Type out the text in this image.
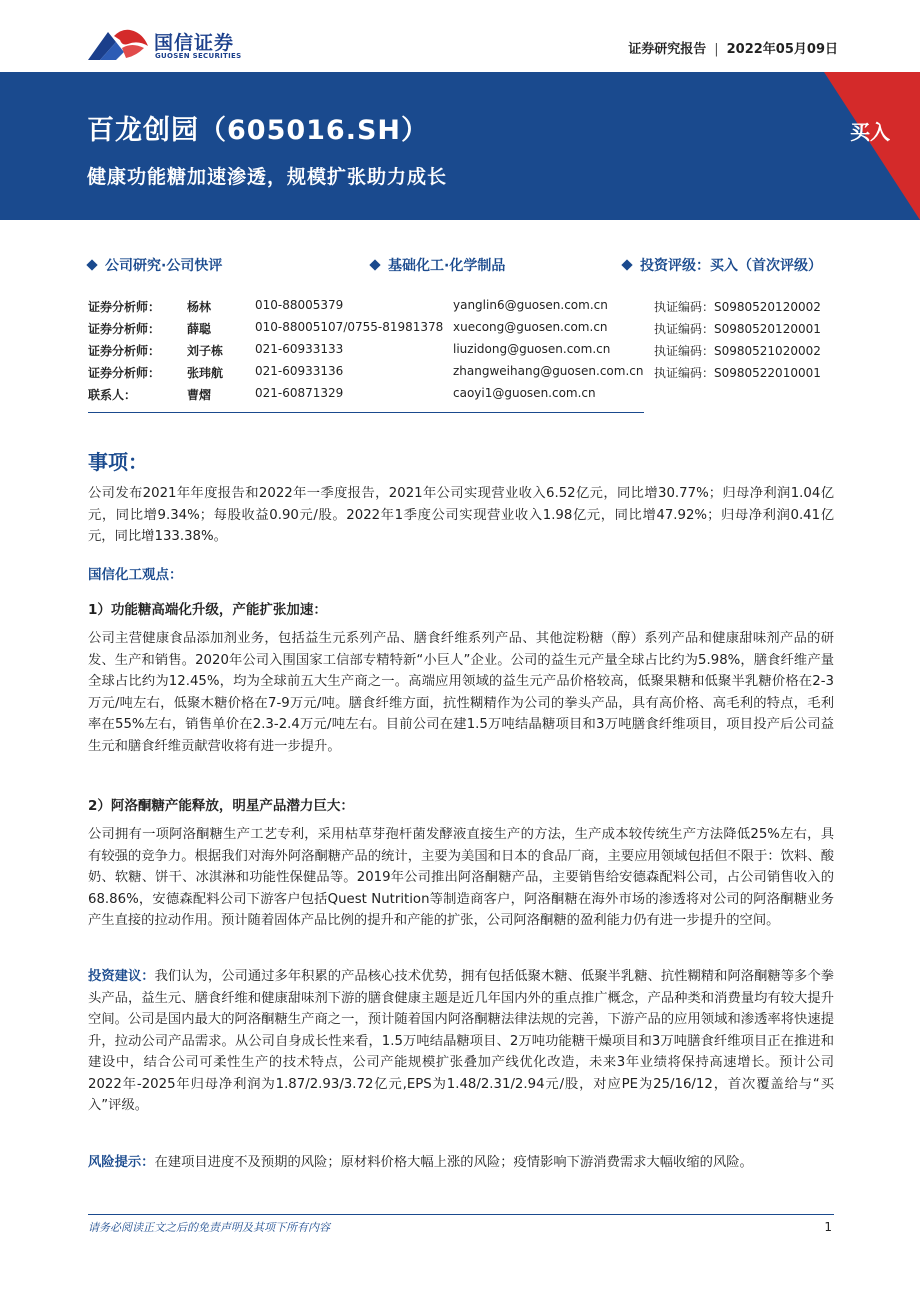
国信证券
GUOSEN SECURITIES	证券研究报告 | 2022年05月09日
百龙创园（605016.SH）
健康功能糖加速渗透，规模扩张助力成长
买入
公司研究·公司快评	基础化工·化学制品	投资评级：买入（首次评级）
证券分析师： 杨林	010-88005379	yanglin6@guosen.com.cn	执证编码：S0980520120002
证券分析师： 薛聪	010-88005107/0755-81981378 xuecong@guosen.com.cn	执证编码：S0980520120001
证券分析师： 刘子栋	021-60933133	liuzidong@guosen.com.cn	执证编码：S0980521020002
证券分析师： 张玮航	021-60933136	zhangweihang@guosen.com.cn 执证编码：S0980522010001
联系人：	曹熠	021-60871329	caoyi1@guosen.com.cn
事项：

公司发布2021年年度报告和2022年一季度报告，2021年公司实现营业收入6.52亿元，同比增30.77%；归母净利润1.04亿元，同比增9.34%；每股收益0.90元/股。2022年1季度公司实现营业收入1.98亿元，同比增47.92%；归母净利润0.41亿元，同比增133.38%。

国信化工观点：
1）功能糖高端化升级，产能扩张加速：

公司主营健康食品添加剂业务，包括益生元系列产品、膳食纤维系列产品、其他淀粉糖（醇）系列产品和健康甜味剂产品的研发、生产和销售。2020年公司入围国家工信部专精特新“小巨人”企业。公司的益生元产量全球占比约为5.98%，膳食纤维产量全球占比约为12.45%，均为全球前五大生产商之一。高端应用领域的益生元产品价格较高，低聚果糖和低聚半乳糖价格在2-3万元/吨左右，低聚木糖价格在7-9万元/吨。膳食纤维方面，抗性糊精作为公司的拳头产品，具有高价格、高毛利的特点，毛利率在55%左右，销售单价在2.3-2.4万元/吨左右。目前公司在建1.5万吨结晶糖项目和3万吨膳食纤维项目，项目投产后公司益生元和膳食纤维贡献营收将有进一步提升。

2）阿洛酮糖产能释放，明星产品潜力巨大：

公司拥有一项阿洛酮糖生产工艺专利，采用枯草芽孢杆菌发酵液直接生产的方法，生产成本较传统生产方法降低25%左右，具有较强的竞争力。根据我们对海外阿洛酮糖产品的统计，主要为美国和日本的食品厂商，主要应用领域包括但不限于：饮料、酸奶、软糖、饼干、冰淇淋和功能性保健品等。2019年公司推出阿洛酮糖产品，主要销售给安德森配料公司，占公司销售收入的68.86%，安德森配料公司下游客户包括Quest Nutrition等制造商客户，阿洛酮糖在海外市场的渗透将对公司的阿洛酮糖业务产生直接的拉动作用。预计随着固体产品比例的提升和产能的扩张，公司阿洛酮糖的盈利能力仍有进一步提升的空间。

投资建议：我们认为，公司通过多年积累的产品核心技术优势，拥有包括低聚木糖、低聚半乳糖、抗性糊精和阿洛酮糖等多个拳头产品，益生元、膳食纤维和健康甜味剂下游的膳食健康主题是近几年国内外的重点推广概念，产品种类和消费量均有较大提升空间。公司是国内最大的阿洛酮糖生产商之一，预计随着国内阿洛酮糖法律法规的完善，下游产品的应用领域和渗透率将快速提升，拉动公司产品需求。从公司自身成长性来看，1.5万吨结晶糖项目、2万吨功能糖干燥项目和3万吨膳食纤维项目正在推进和建设中，结合公司可柔性生产的技术特点，公司产能规模扩张叠加产线优化改造，未来3年业绩将保持高速增长。预计公司2022年-2025年归母净利润为1.87/2.93/3.72亿元,EPS为1.48/2.31/2.94元/股，对应PE为25/16/12，首次覆盖给与“买入”评级。

风险提示：在建项目进度不及预期的风险；原材料价格大幅上涨的风险；疫情影响下游消费需求大幅收缩的风险。

请务必阅读正文之后的免责声明及其项下所有内容	1
